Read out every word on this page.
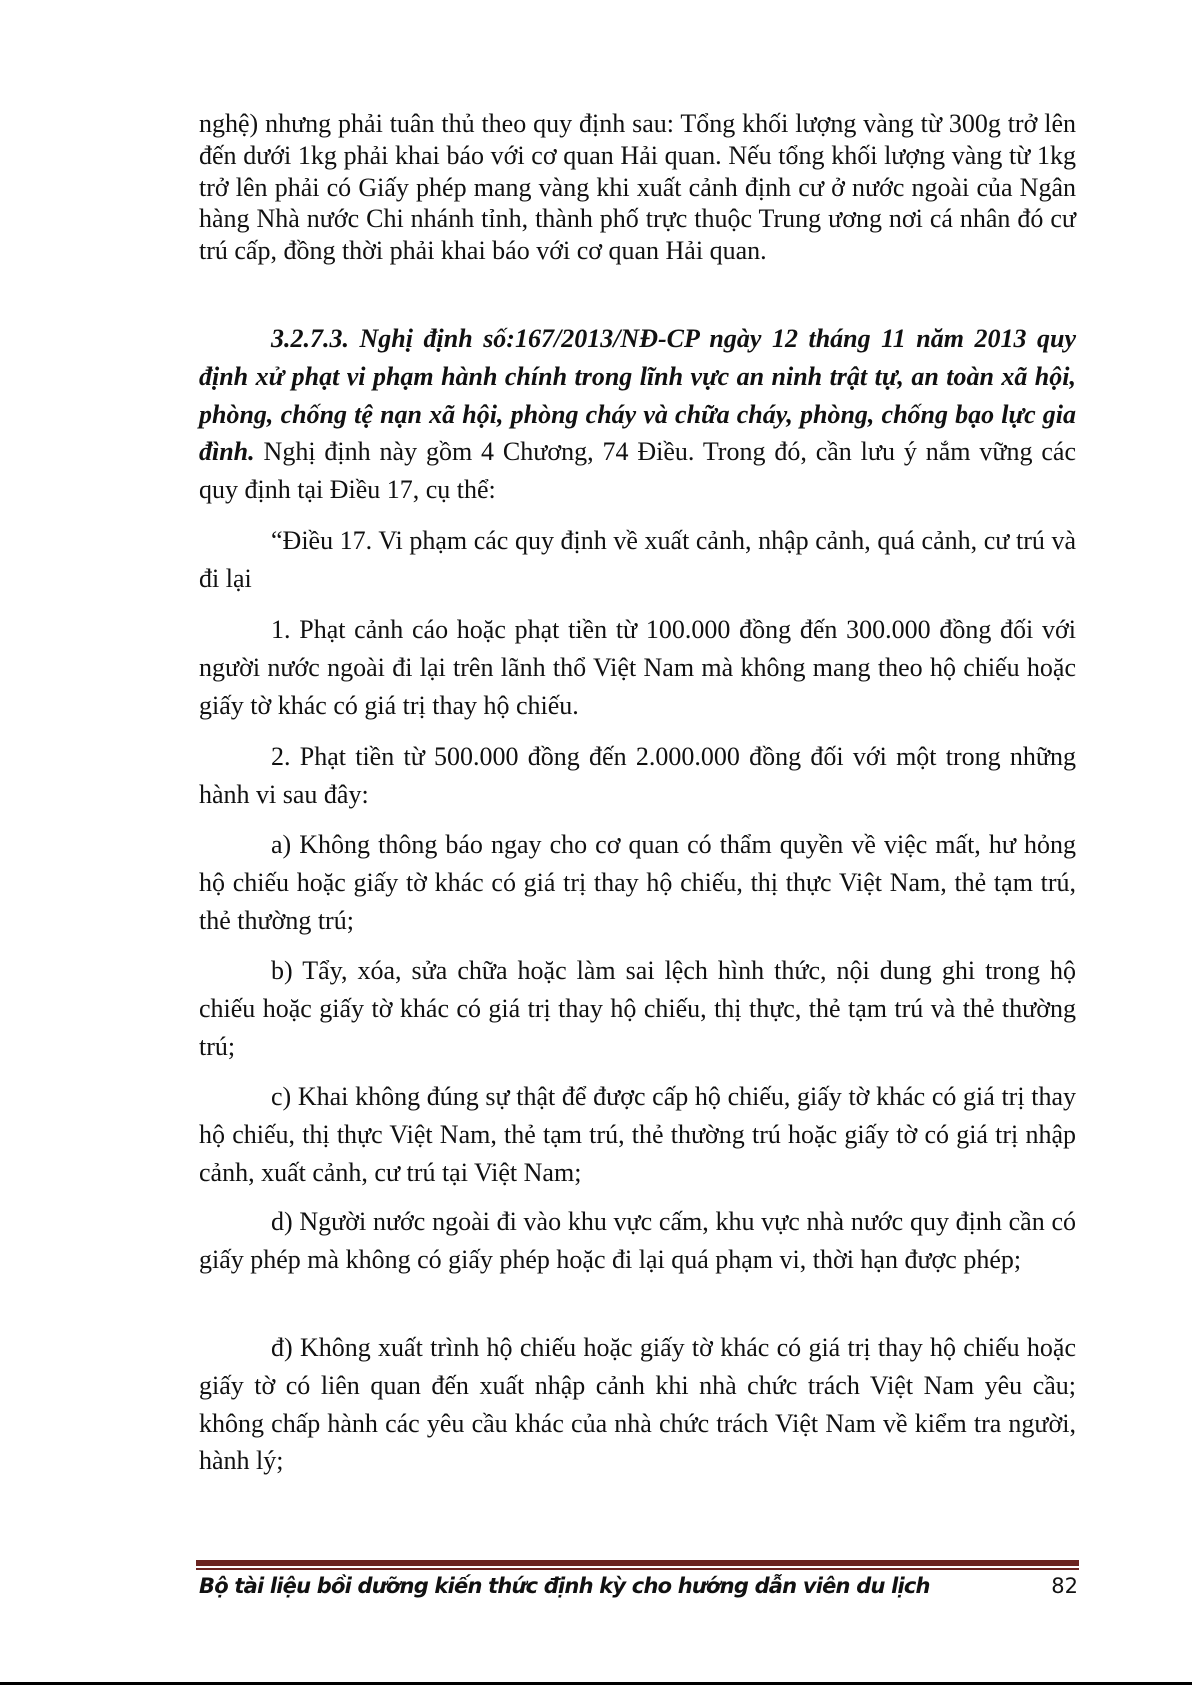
nghệ) nhưng phải tuân thủ theo quy định sau: Tổng khối lượng vàng từ 300g trở lên đến dưới 1kg phải khai báo với cơ quan Hải quan. Nếu tổng khối lượng vàng từ 1kg trở lên phải có Giấy phép mang vàng khi xuất cảnh định cư ở nước ngoài của Ngân hàng Nhà nước Chi nhánh tỉnh, thành phố trực thuộc Trung ương nơi cá nhân đó cư trú cấp, đồng thời phải khai báo với cơ quan Hải quan.

3.2.7.3. Nghị định số:167/2013/NĐ-CP ngày 12 tháng 11 năm 2013 quy định xử phạt vi phạm hành chính trong lĩnh vực an ninh trật tự, an toàn xã hội, phòng, chống tệ nạn xã hội, phòng cháy và chữa cháy, phòng, chống bạo lực gia đình. Nghị định này gồm 4 Chương, 74 Điều. Trong đó, cần lưu ý nắm vững các quy định tại Điều 17, cụ thể:

“Điều 17. Vi phạm các quy định về xuất cảnh, nhập cảnh, quá cảnh, cư trú và đi lại

1. Phạt cảnh cáo hoặc phạt tiền từ 100.000 đồng đến 300.000 đồng đối với người nước ngoài đi lại trên lãnh thổ Việt Nam mà không mang theo hộ chiếu hoặc giấy tờ khác có giá trị thay hộ chiếu.

2. Phạt tiền từ 500.000 đồng đến 2.000.000 đồng đối với một trong những hành vi sau đây:

a) Không thông báo ngay cho cơ quan có thẩm quyền về việc mất, hư hỏng hộ chiếu hoặc giấy tờ khác có giá trị thay hộ chiếu, thị thực Việt Nam, thẻ tạm trú, thẻ thường trú;

b) Tẩy, xóa, sửa chữa hoặc làm sai lệch hình thức, nội dung ghi trong hộ chiếu hoặc giấy tờ khác có giá trị thay hộ chiếu, thị thực, thẻ tạm trú và thẻ thường trú;

c) Khai không đúng sự thật để được cấp hộ chiếu, giấy tờ khác có giá trị thay hộ chiếu, thị thực Việt Nam, thẻ tạm trú, thẻ thường trú hoặc giấy tờ có giá trị nhập cảnh, xuất cảnh, cư trú tại Việt Nam;

d) Người nước ngoài đi vào khu vực cấm, khu vực nhà nước quy định cần có giấy phép mà không có giấy phép hoặc đi lại quá phạm vi, thời hạn được phép;

đ) Không xuất trình hộ chiếu hoặc giấy tờ khác có giá trị thay hộ chiếu hoặc giấy tờ có liên quan đến xuất nhập cảnh khi nhà chức trách Việt Nam yêu cầu; không chấp hành các yêu cầu khác của nhà chức trách Việt Nam về kiểm tra người, hành lý;

Bộ tài liệu bồi dưỡng kiến thức định kỳ cho hướng dẫn viên du lịch	82
